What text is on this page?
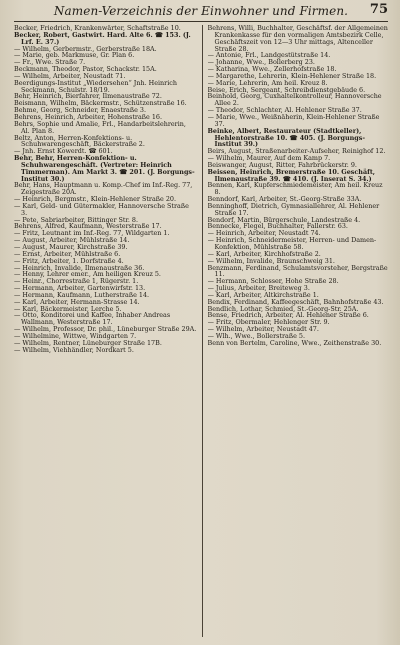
Namen-Verzeichnis der Einwohner und Firmen. 75

Becker, Friedrich, Krankenwärter, Schaftstraße 10.

Becker, Robert, Gastwirt. Hard. Alte 6. ☎ 153. (J. Lrf. E. 37.)

— Wilhelm, Gerbermstr., Gerberstraße 18A.

— Marie, geb. Markmuse, Gr. Plan 6.

— Fr., Wwe. Straße 7.

Beckmann, Theodor, Pastor, Schackstr. 15A.

— Wilhelm, Arbeiter, Neustadt 71.

Beerdigungs-Institut „Wiedersehen“ Jnh. Heinrich Seckmann, Schulstr. 18/19.

Behr, Heinrich, Bierfahrer, Ilmenaustraße 72.

Beismann, Wilhelm, Bäckermstr., Schützenstraße 16.

Behme, Georg, Schneider, Enaestraße 3.

Behrens, Heinrich, Arbeiter, Hohenstraße 16.

Behrs, Sophie und Amalie, Frl., Handarbeitslehrerin, Al. Plan 8.

Beltz, Anton, Herren-Konfektions- u. Schuhwarengeschäft, Bäckerstraße 2.

— Jnh. Ernst Kowerdt. ☎ 601.

Behr, Behr, Herren-Konfektion- u. Schuhwarengeschäft. (Vertreter: Heinrich Timmerman). Am Markt 3. ☎ 201. (J. Borgungs-Institut 30.)

Behr, Hans, Hauptmann u. Komp.-Chef im Inf.-Reg. 77, Zeigestraße 20A.

— Heinrich, Bergmstr., Klein-Hehlener Straße 20.

— Karl, Geld- und Gütermakler, Hannoversche Straße 3.

— Pete, Sabriarbeiter, Bittinger Str. 8.

Behrens, Alfred, Kaufmann, Westerstraße 17.

— Fritz, Leutnant im Inf.-Reg. 77, Wildgarten 1.

— August, Arbeiter, Mühlstraße 14.

— August, Maurer, Kirchstraße 39.

— Ernst, Arbeiter, Mühlstraße 6.

— Fritz, Arbeiter, 1. Dorfstraße 4.

— Heinrich, Invalide, Ilmenaustraße 36.

— Henny, Lehrer emer., Am heiligen Kreuz 5.

— Heinr., Chorrestraße 1, Rügerstr. 1.

— Hermann, Arbeiter, Gartenwirfstr. 13.

— Hermann, Kaufmann, Lutherstraße 14.

— Karl, Arbeiter, Hermann-Strasse 14.

— Karl, Bäckermeister, Lerche 5.

— Otto, Konditorei und Kaffee, Inhaber Andreas Wallmann, Westerstraße 17.

— Wilhelm, Professor, Dr. phil., Lüneburger Straße 29A.

— Wilhelmine, Wittwe, Windgarten 7.

— Wilhelm, Rentner, Lüneburger Straße 17B.

— Wilhelm, Viehhändler, Nordkart 5.

Behrens, Willi, Buchhalter, Geschäftsf. der Allgemeinen Krankenkasse für den vormaligen Amtsbezirk Celle, Geschäftszeit von 12—3 Uhr mittags, Altenceller Straße 28.

— Antonie, Frl., Landgestütstraße 14.

— Johanne, Wwe., Bollerberg 23.

— Katharina, Wwe., Zellerhofstraße 18.

— Margarethe, Lehrerin, Klein-Hehlener Straße 18.

— Marie, Lehrerin, Am heil. Kreuz 8.

Beise, Erich, Sergeant, Schreibdienstgebäude 6.

Beinhold, Georg, Cuxhaltelkontrolleur, Hannoversche Allee 2.

— Theodor, Schlachter, Al. Hehlener Straße 37.

— Marie, Wwe., Weißnäherin, Klein-Hehlener Straße 37.

Beinke, Albert, Restaurateur (Stadtkeller), Hehlentorstraße 10. ☎ 405. (J. Borgungs-Institut 39.)

Beirs, August, Straßenarbeiter-Aufseher, Reinighof 12.

— Wilhelm, Maurer, Auf dem Kamp 7.

Beiswanger, August, Ritter, Fahrbrückerstr. 9.

Beissen, Heinrich, Bremerstraße 10. Geschäft, Ilmenaustraße 39. ☎ 410. (J. Inserat S. 34.)

Bennen, Karl, Kupferschmiedemeister, Am heil. Kreuz 8.

Benndorf, Karl, Arbeiter, St.-Georg-Straße 33A.

Benninghoff, Dietrich, Gymnasiallehrer, Al. Hehlener Straße 17.

Bendorf, Martin, Bürgerschule, Landestraße 4.

Bennecke, Flegel, Buchhalter, Fallerstr. 63.

— Heinrich, Arbeiter, Neustadt 74.

— Heinrich, Schneidermeister, Herren- und Damen-Konfektion, Mühlstraße 58.

— Karl, Arbeiter, Kirchhofstraße 2.

— Wilhelm, Invalide, Braunschweig 31.

Benzmann, Ferdinand, Schulamtsvorsteher, Bergstraße 11.

— Hermann, Schlosser, Hohe Straße 28.

— Julius, Arbeiter, Breiteweg 3.

— Karl, Arbeiter, Altkirchstraße 1.

Bendix, Ferdinand, Kaffeegeschäft, Bahnhofstraße 43.

Bendlich, Lothar, Schmied, St.-Georg-Str. 25A.

Bense, Friedrich, Arbeiter, Al. Hehlener Straße 6.

— Fritz, Obermaler, Hehlenger Str. 9.

— Wilhelm, Arbeiter, Neustadt 47.

— Wlh., Wwe., Bollerstraße 5.

Benn von Bertelm, Caroline, Wwe., Zeithenstraße 30.
